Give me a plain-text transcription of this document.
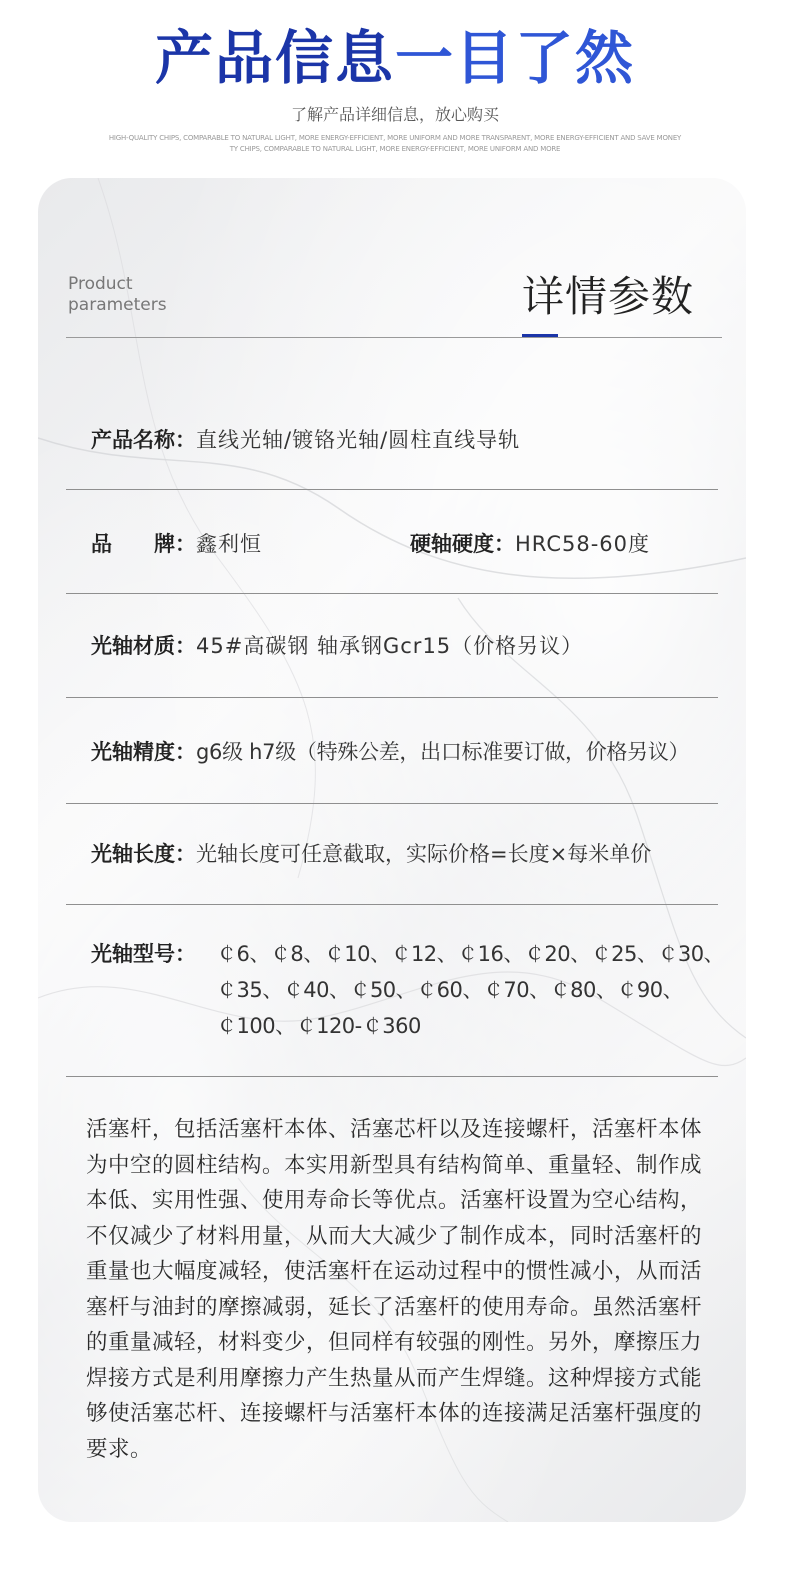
产品信息一目了然
了解产品详细信息，放心购买
HIGH-QUALITY CHIPS, COMPARABLE TO NATURAL LIGHT, MORE ENERGY-EFFICIENT, MORE UNIFORM AND MORE TRANSPARENT, MORE ENERGY-EFFICIENT AND SAVE MONEY
TY CHIPS, COMPARABLE TO NATURAL LIGHT, MORE ENERGY-EFFICIENT, MORE UNIFORM AND MORE
Product
parameters	详情参数
产品名称：直线光轴/镀铬光轴/圆柱直线导轨
品　　牌：鑫利恒	硬轴硬度：HRC58-60度
光轴材质：45#高碳钢 轴承钢Gcr15（价格另议）
光轴精度：g6级 h7级（特殊公差，出口标准要订做，价格另议）
光轴长度：光轴长度可任意截取，实际价格=长度×每米单价
光轴型号： ￠6、￠8、￠10、￠12、￠16、￠20、￠25、￠30、
￠35、￠40、￠50、￠60、￠70、￠80、￠90、
￠100、￠120-￠360
活塞杆，包括活塞杆本体、活塞芯杆以及连接螺杆，活塞杆本体为中空的圆柱结构。本实用新型具有结构简单、重量轻、制作成本低、实用性强、使用寿命长等优点。活塞杆设置为空心结构，不仅减少了材料用量，从而大大减少了制作成本，同时活塞杆的重量也大幅度减轻，使活塞杆在运动过程中的惯性减小，从而活塞杆与油封的摩擦减弱，延长了活塞杆的使用寿命。虽然活塞杆的重量减轻，材料变少，但同样有较强的刚性。另外，摩擦压力焊接方式是利用摩擦力产生热量从而产生焊缝。这种焊接方式能够使活塞芯杆、连接螺杆与活塞杆本体的连接满足活塞杆强度的要求。
